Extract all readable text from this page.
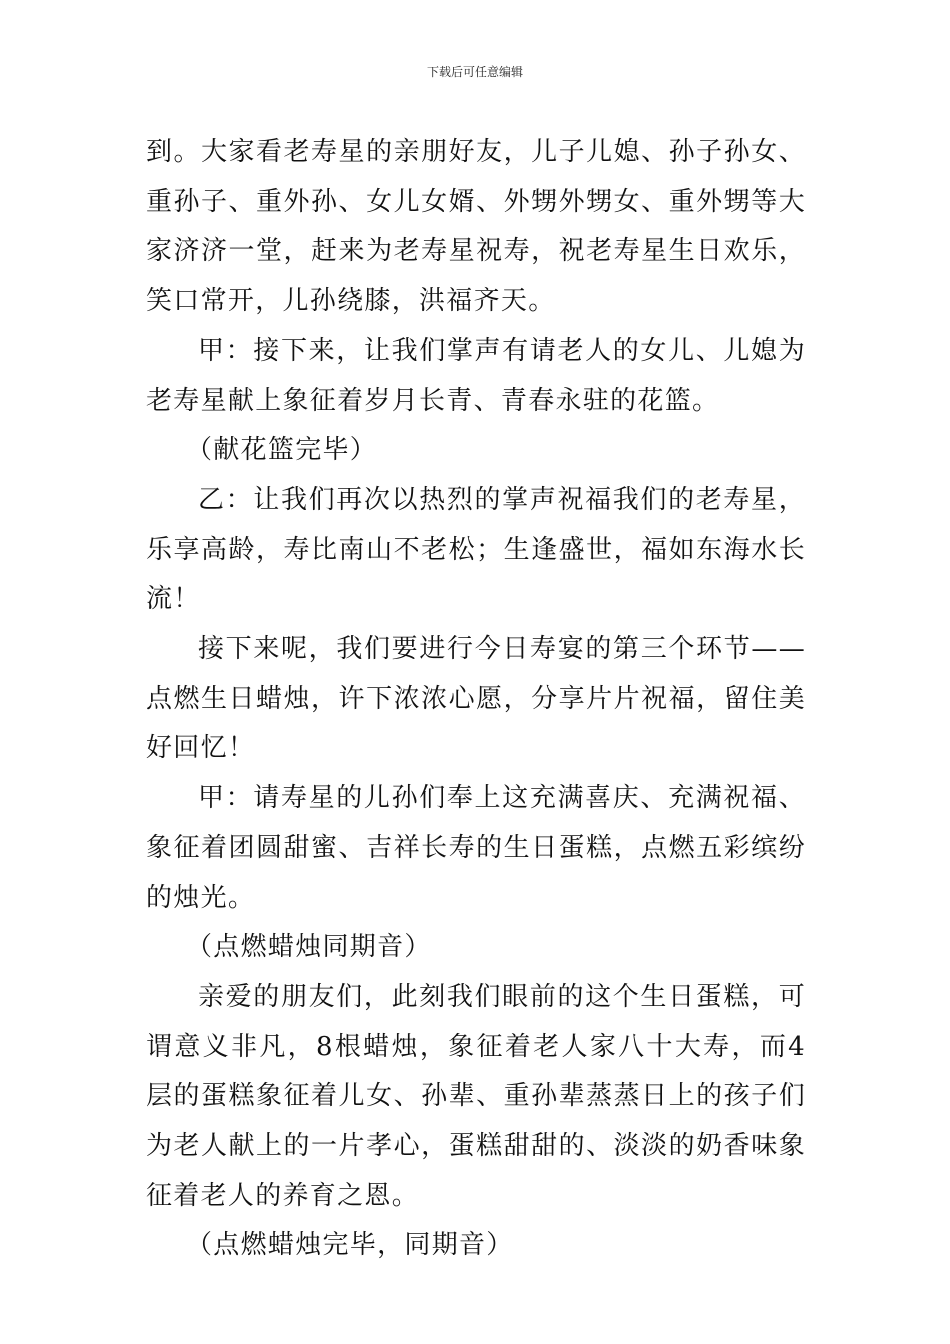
下载后可任意编辑

到。大家看老寿星的亲朋好友，儿子儿媳、孙子孙女、重孙子、重外孙、女儿女婿、外甥外甥女、重外甥等大家济济一堂，赶来为老寿星祝寿，祝老寿星生日欢乐，笑口常开，儿孙绕膝，洪福齐天。

甲：接下来，让我们掌声有请老人的女儿、儿媳为老寿星献上象征着岁月长青、青春永驻的花篮。

（献花篮完毕）

乙：让我们再次以热烈的掌声祝福我们的老寿星，乐享高龄，寿比南山不老松；生逢盛世，福如东海水长流！

接下来呢，我们要进行今日寿宴的第三个环节——点燃生日蜡烛，许下浓浓心愿，分享片片祝福，留住美好回忆！

甲：请寿星的儿孙们奉上这充满喜庆、充满祝福、象征着团圆甜蜜、吉祥长寿的生日蛋糕，点燃五彩缤纷的烛光。

（点燃蜡烛同期音）

亲爱的朋友们，此刻我们眼前的这个生日蛋糕，可谓意义非凡，8根蜡烛，象征着老人家八十大寿，而4层的蛋糕象征着儿女、孙辈、重孙辈蒸蒸日上的孩子们为老人献上的一片孝心，蛋糕甜甜的、淡淡的奶香味象征着老人的养育之恩。

（点燃蜡烛完毕，同期音）
